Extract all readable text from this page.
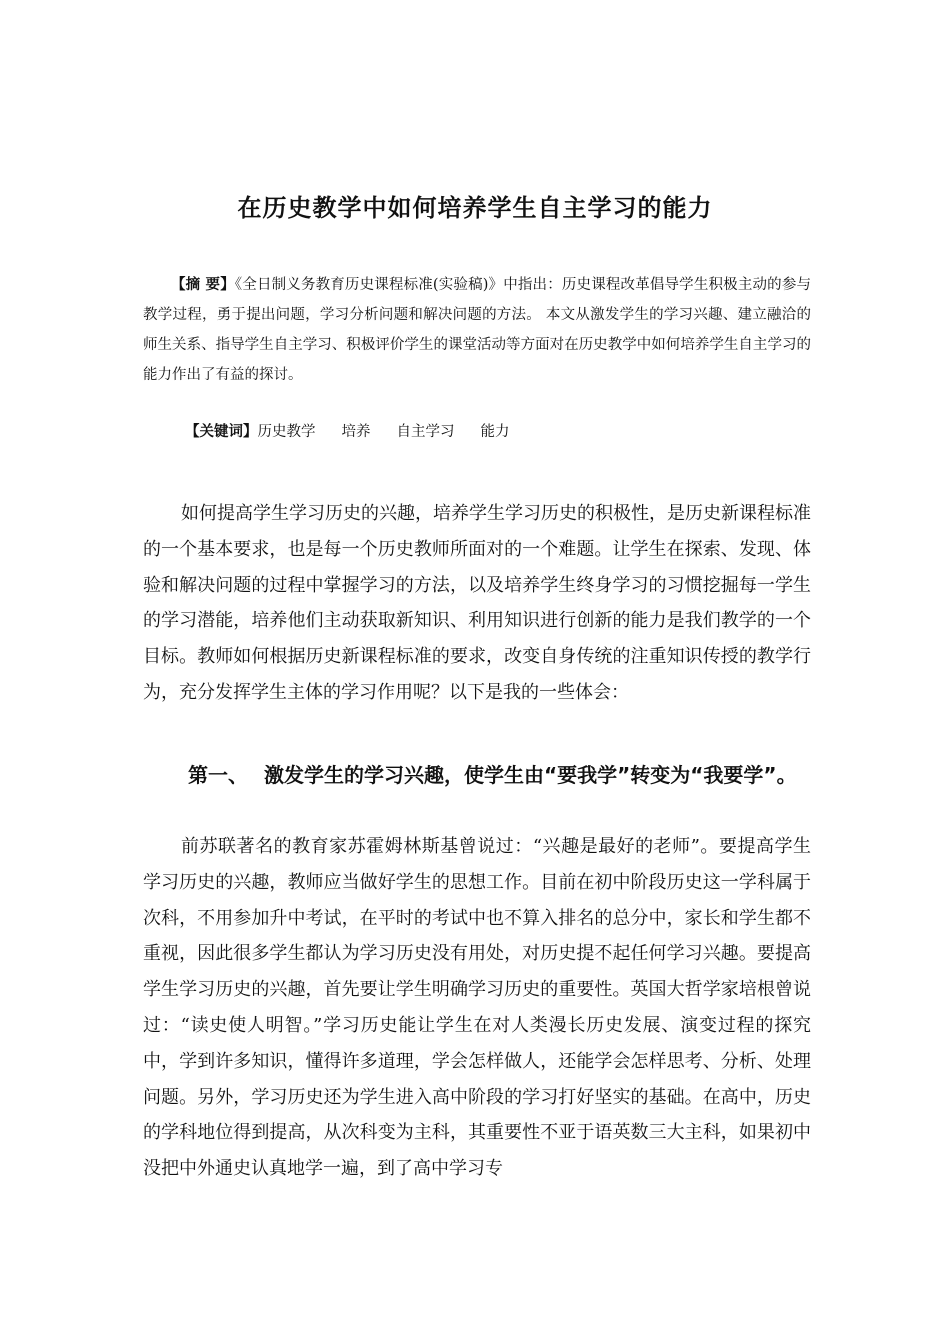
在历史教学中如何培养学生自主学习的能力

【摘 要】《全日制义务教育历史课程标准(实验稿)》中指出：历史课程改革倡导学生积极主动的参与教学过程，勇于提出问题，学习分析问题和解决问题的方法。 本文从激发学生的学习兴趣、建立融洽的师生关系、指导学生自主学习、积极评价学生的课堂活动等方面对在历史教学中如何培养学生自主学习的能力作出了有益的探讨。

【关键词】历史教学 培养 自主学习 能力

如何提高学生学习历史的兴趣，培养学生学习历史的积极性，是历史新课程标准的一个基本要求，也是每一个历史教师所面对的一个难题。让学生在探索、发现、体验和解决问题的过程中掌握学习的方法，以及培养学生终身学习的习惯挖掘每一学生的学习潜能，培养他们主动获取新知识、利用知识进行创新的能力是我们教学的一个目标。教师如何根据历史新课程标准的要求，改变自身传统的注重知识传授的教学行为，充分发挥学生主体的学习作用呢？以下是我的一些体会：

第一、 激发学生的学习兴趣，使学生由“要我学”转变为“我要学”。

前苏联著名的教育家苏霍姆林斯基曾说过：“兴趣是最好的老师”。要提高学生学习历史的兴趣，教师应当做好学生的思想工作。目前在初中阶段历史这一学科属于次科，不用参加升中考试，在平时的考试中也不算入排名的总分中，家长和学生都不重视，因此很多学生都认为学习历史没有用处，对历史提不起任何学习兴趣。要提高学生学习历史的兴趣，首先要让学生明确学习历史的重要性。英国大哲学家培根曾说过：“读史使人明智。”学习历史能让学生在对人类漫长历史发展、演变过程的探究中，学到许多知识，懂得许多道理，学会怎样做人，还能学会怎样思考、分析、处理问题。另外，学习历史还为学生进入高中阶段的学习打好坚实的基础。在高中，历史的学科地位得到提高，从次科变为主科，其重要性不亚于语英数三大主科，如果初中没把中外通史认真地学一遍，到了高中学习专
